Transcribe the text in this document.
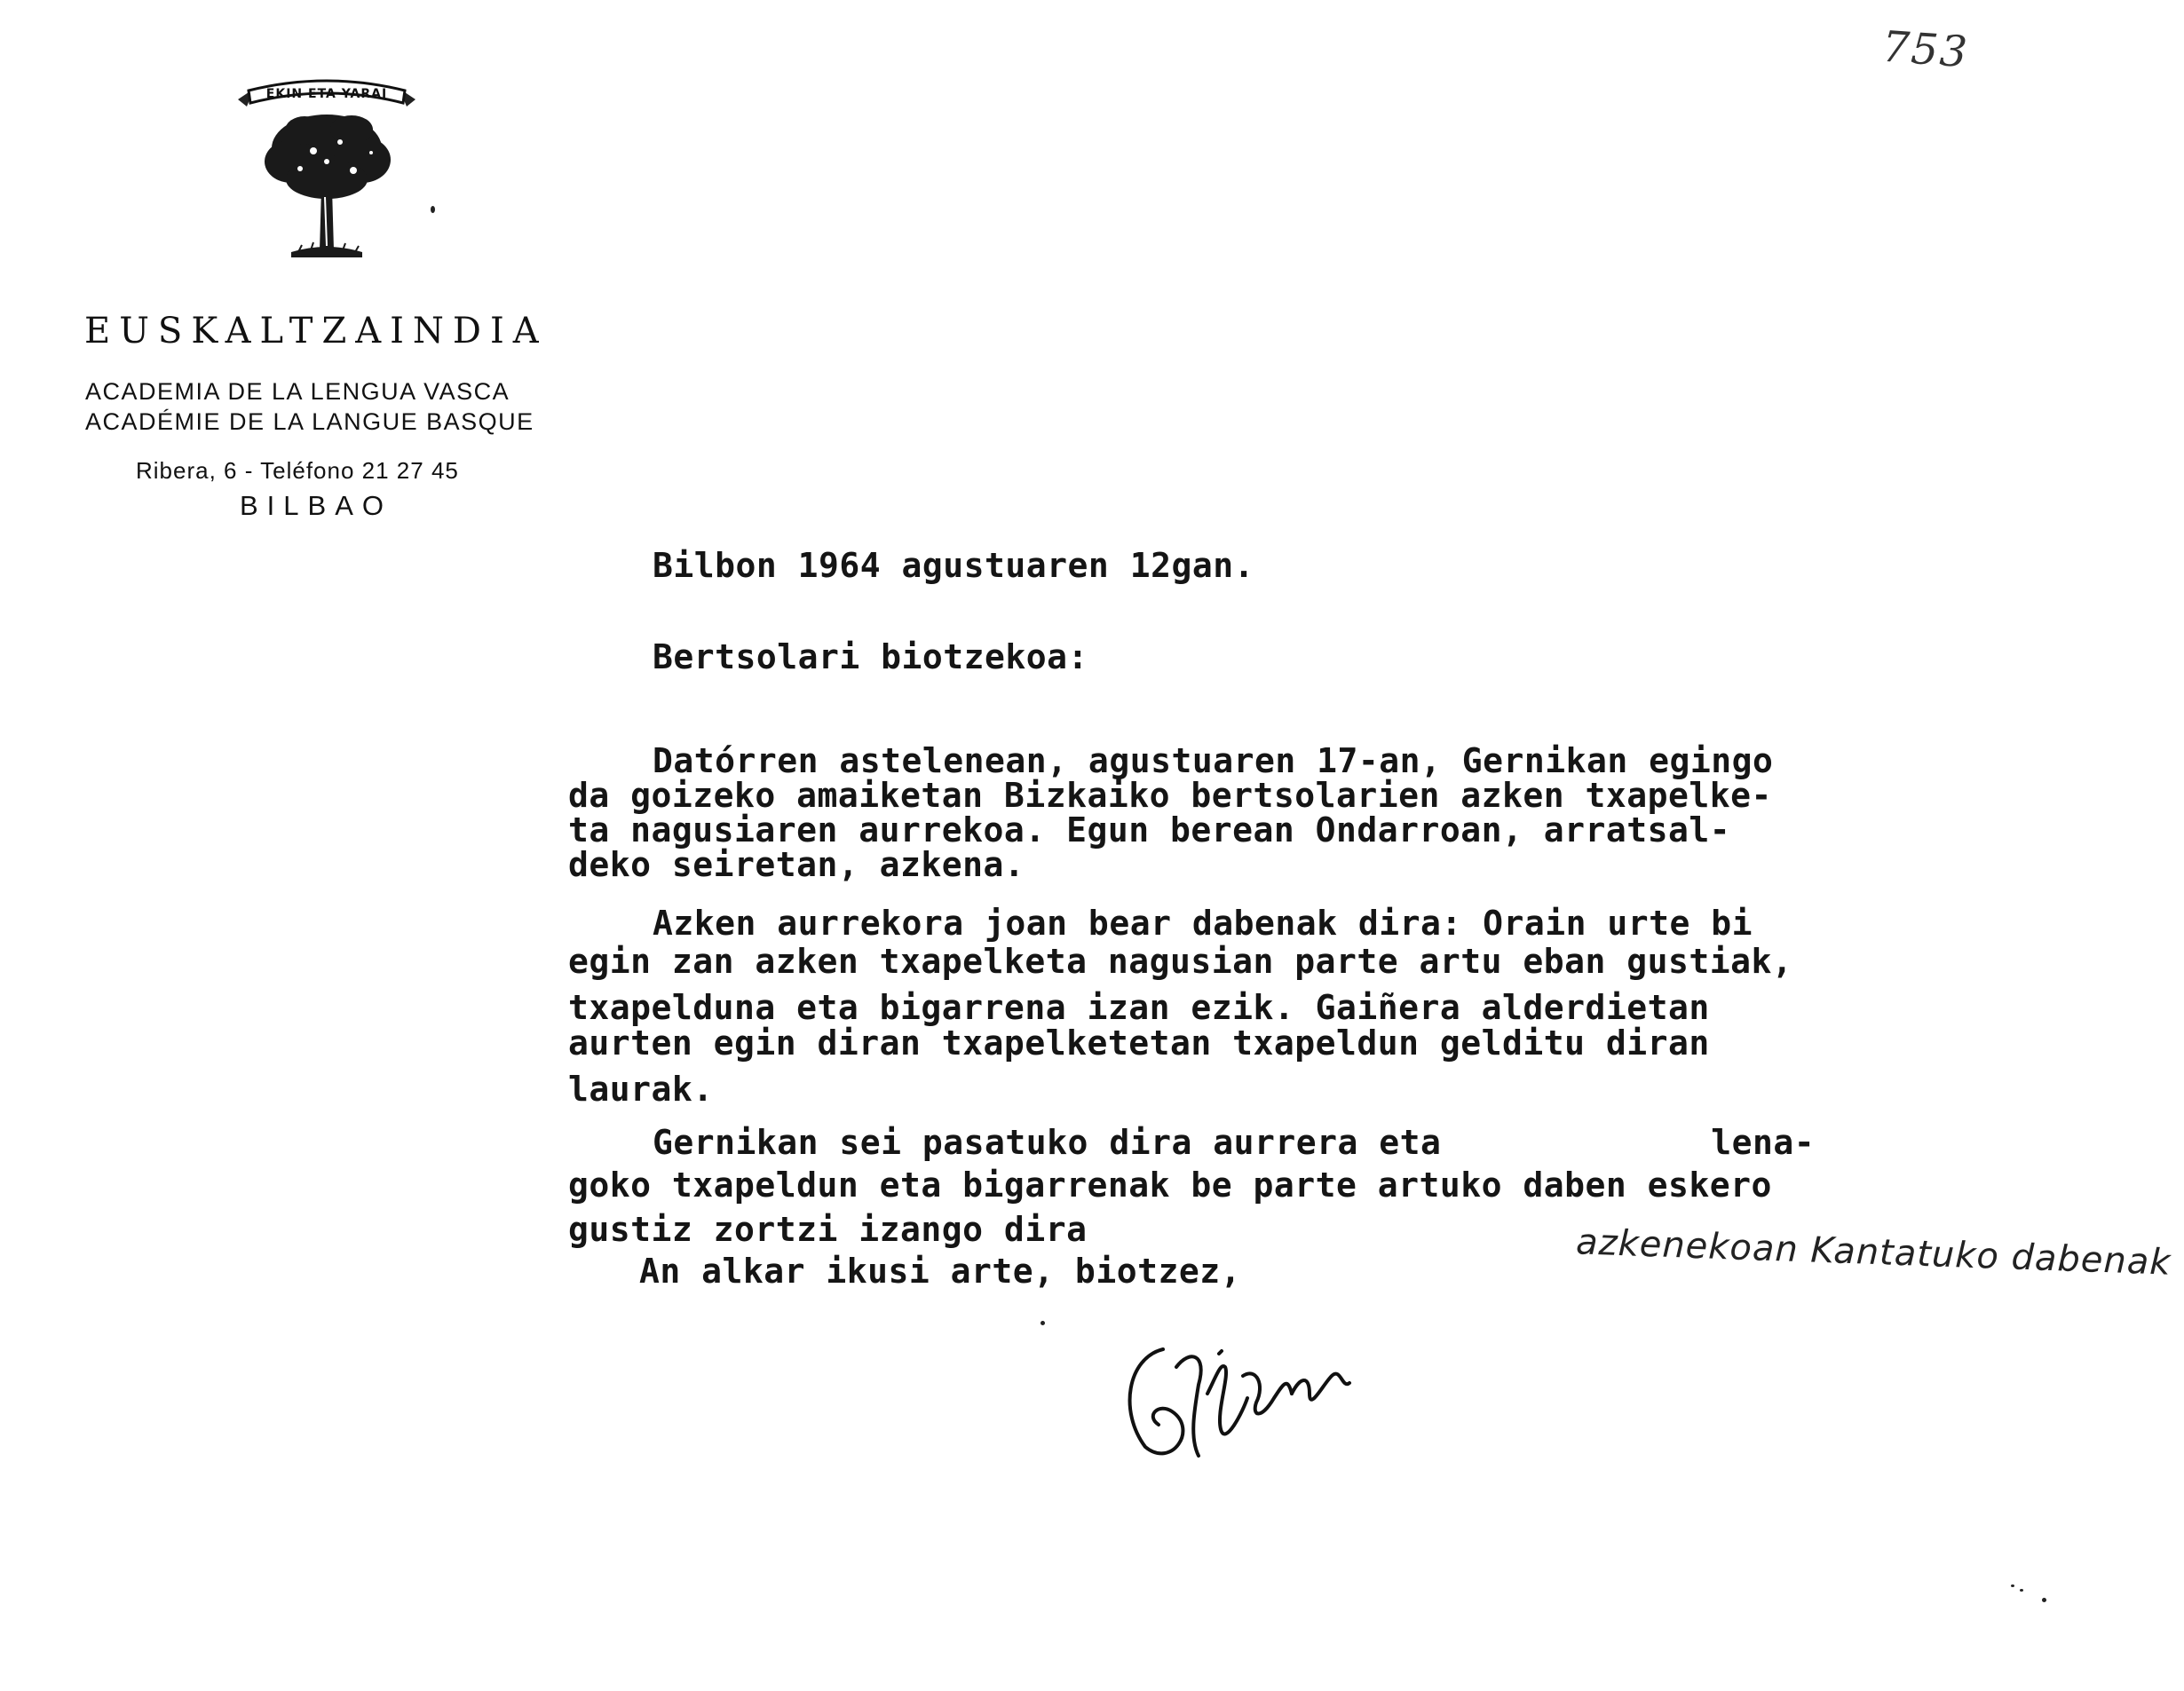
753
EKIN ETA YARAI
EUSKALTZAINDIA
ACADEMIA DE LA LENGUA VASCA
ACADÉMIE DE LA LANGUE BASQUE
Ribera, 6 - Teléfono 21 27 45
BILBAO
Bilbon 1964 agustuaren 12gan.
Bertsolari biotzekoa:
Datórren astelenean, agustuaren 17-an, Gernikan egingo
da goizeko amaiketan Bizkaiko bertsolarien azken txapelke-
ta nagusiaren aurrekoa. Egun berean Ondarroan, arratsal-
deko seiretan, azkena.
Azken aurrekora joan bear dabenak dira: Orain urte bi
egin zan azken txapelketa nagusian parte artu eban gustiak,
txapelduna eta bigarrena izan ezik. Gaiñera alderdietan
aurten egin diran txapelketetan txapeldun gelditu diran
laurak.
Gernikan sei pasatuko dira aurrera eta             lena-
goko txapeldun eta bigarrenak be parte artuko daben eskero
gustiz zortzi izango dira
An alkar ikusi arte, biotzez,	azkenekoan Kantatuko dabenak
